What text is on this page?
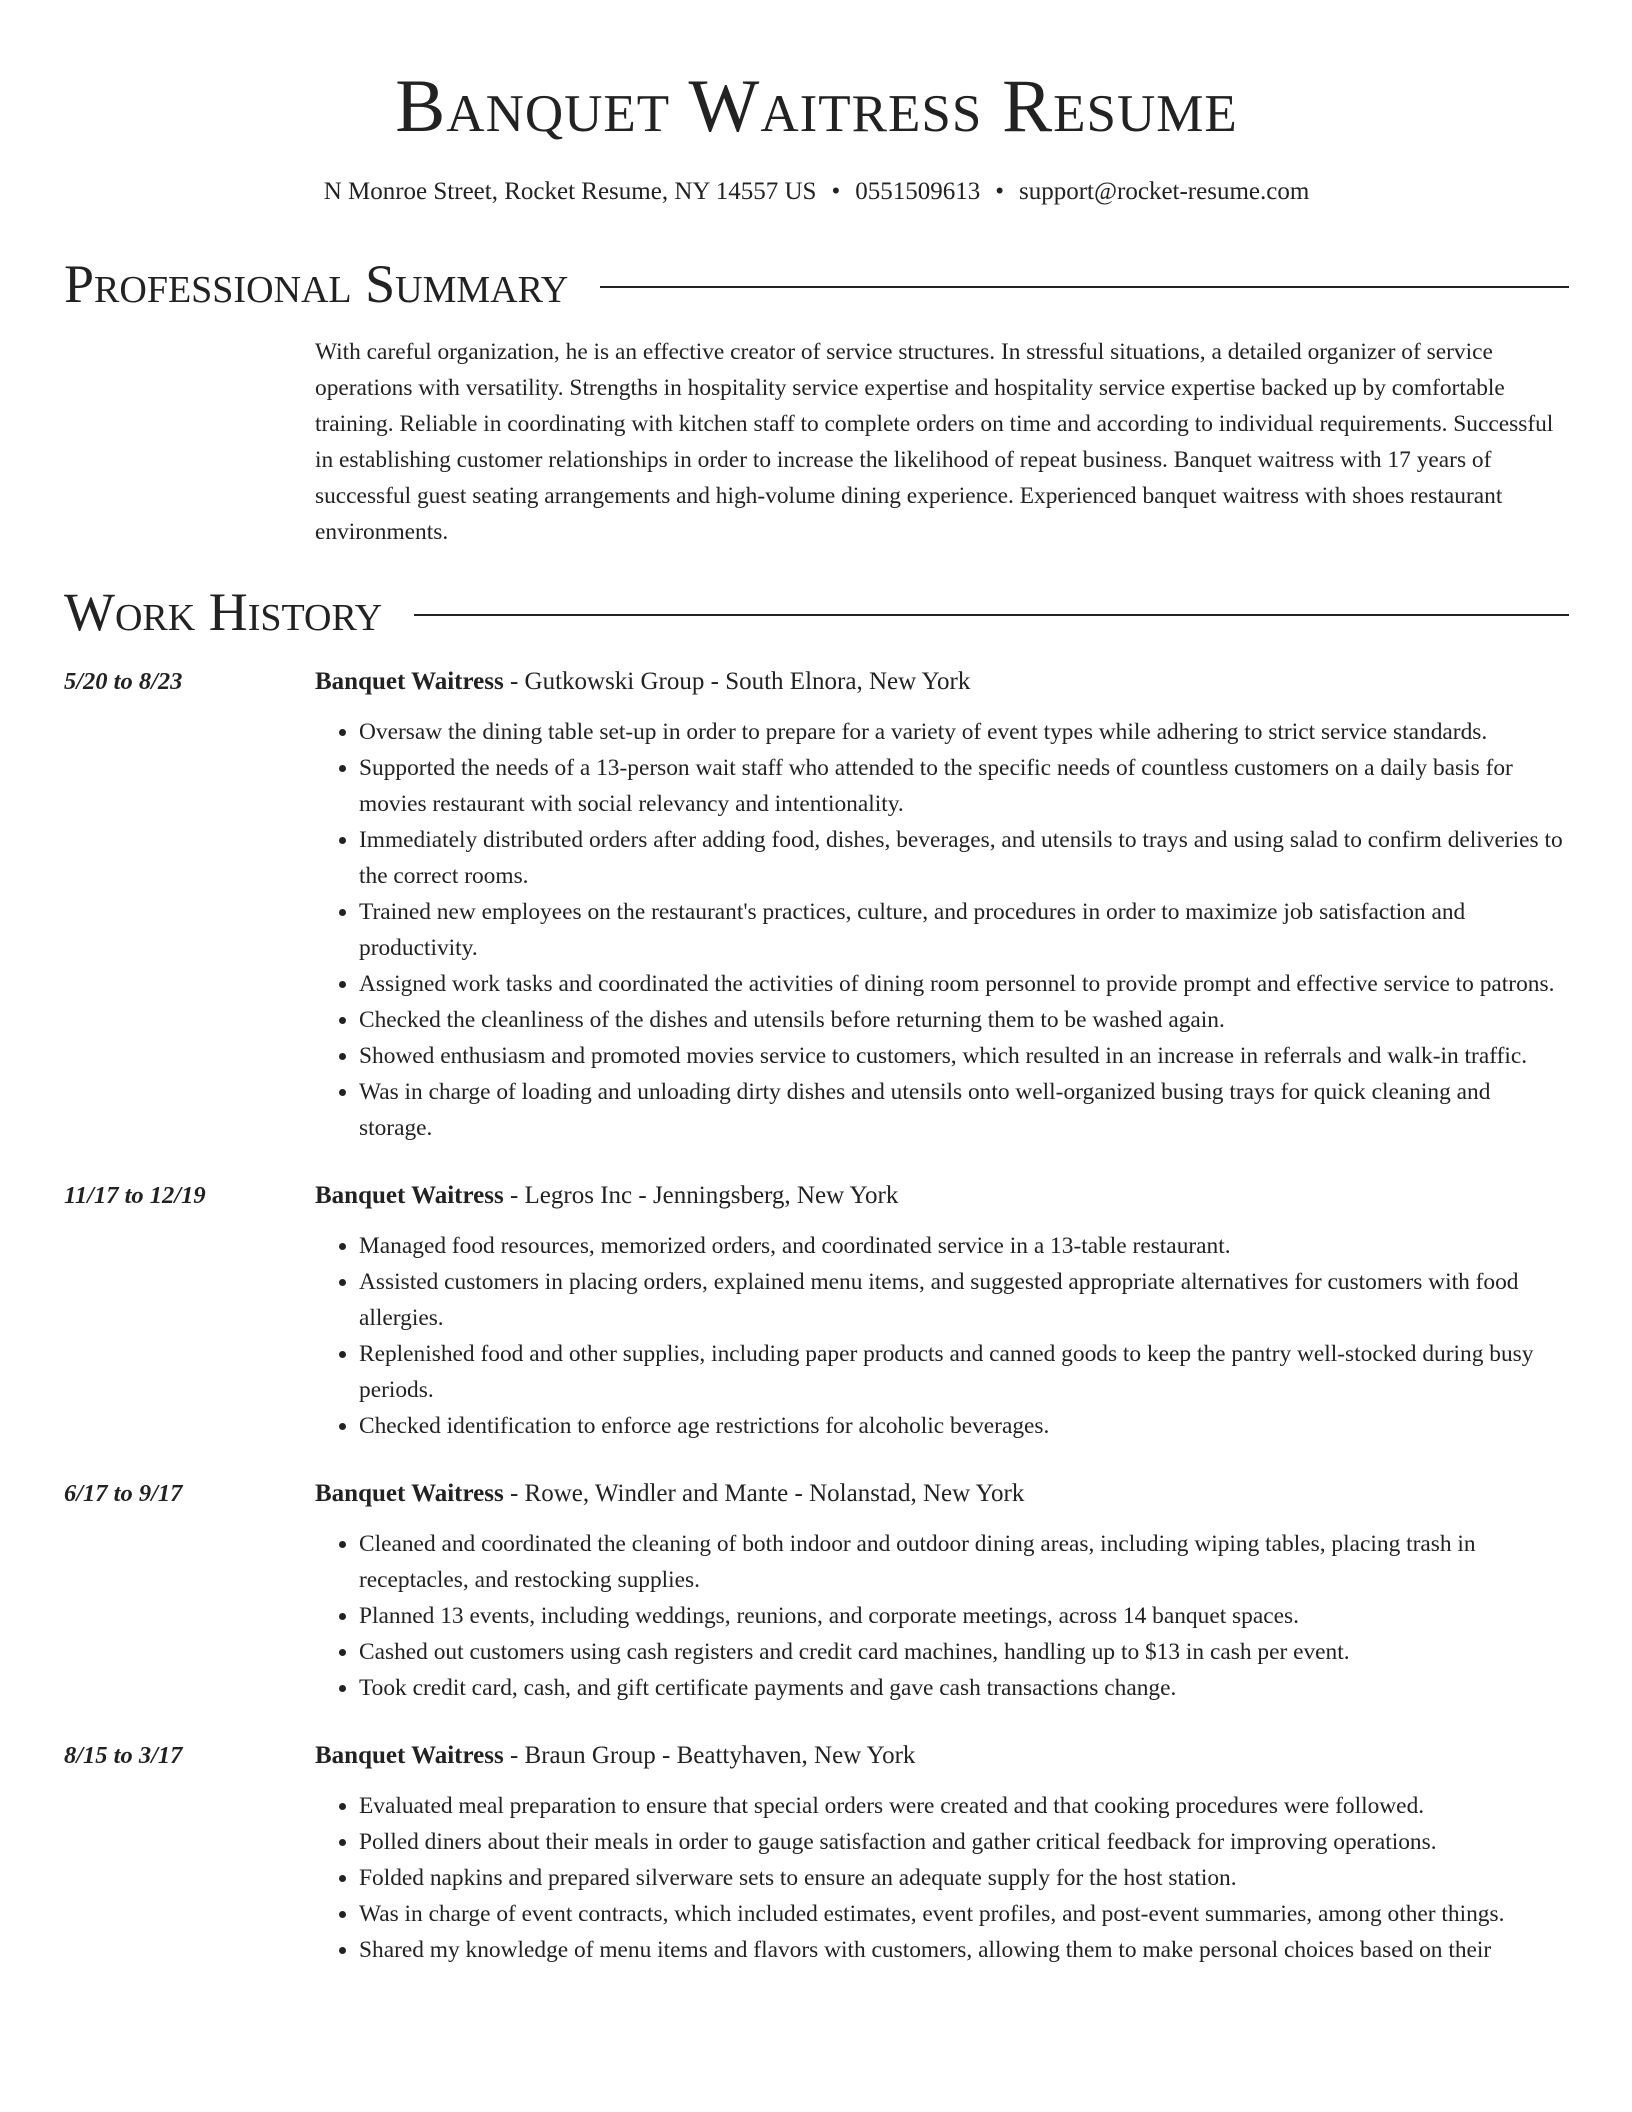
Banquet Waitress Resume
N Monroe Street, Rocket Resume, NY 14557 US • 0551509613 • support@rocket-resume.com
Professional Summary

With careful organization, he is an effective creator of service structures. In stressful situations, a detailed organizer of service operations with versatility. Strengths in hospitality service expertise and hospitality service expertise backed up by comfortable training. Reliable in coordinating with kitchen staff to complete orders on time and according to individual requirements. Successful in establishing customer relationships in order to increase the likelihood of repeat business. Banquet waitress with 17 years of successful guest seating arrangements and high-volume dining experience. Experienced banquet waitress with shoes restaurant environments.

Work History
5/20 to 8/23	Banquet Waitress - Gutkowski Group - South Elnora, New York
• Oversaw the dining table set-up in order to prepare for a variety of event types while adhering to strict service standards.
• Supported the needs of a 13-person wait staff who attended to the specific needs of countless customers on a daily basis for movies restaurant with social relevancy and intentionality.
• Immediately distributed orders after adding food, dishes, beverages, and utensils to trays and using salad to confirm deliveries to the correct rooms.
• Trained new employees on the restaurant's practices, culture, and procedures in order to maximize job satisfaction and productivity.
• Assigned work tasks and coordinated the activities of dining room personnel to provide prompt and effective service to patrons.
• Checked the cleanliness of the dishes and utensils before returning them to be washed again.
• Showed enthusiasm and promoted movies service to customers, which resulted in an increase in referrals and walk-in traffic.
• Was in charge of loading and unloading dirty dishes and utensils onto well-organized busing trays for quick cleaning and storage.
11/17 to 12/19	Banquet Waitress - Legros Inc - Jenningsberg, New York
• Managed food resources, memorized orders, and coordinated service in a 13-table restaurant.
• Assisted customers in placing orders, explained menu items, and suggested appropriate alternatives for customers with food allergies.
• Replenished food and other supplies, including paper products and canned goods to keep the pantry well-stocked during busy periods.
• Checked identification to enforce age restrictions for alcoholic beverages.
6/17 to 9/17	Banquet Waitress - Rowe, Windler and Mante - Nolanstad, New York
• Cleaned and coordinated the cleaning of both indoor and outdoor dining areas, including wiping tables, placing trash in receptacles, and restocking supplies.
• Planned 13 events, including weddings, reunions, and corporate meetings, across 14 banquet spaces.
• Cashed out customers using cash registers and credit card machines, handling up to $13 in cash per event.
• Took credit card, cash, and gift certificate payments and gave cash transactions change.
8/15 to 3/17	Banquet Waitress - Braun Group - Beattyhaven, New York
• Evaluated meal preparation to ensure that special orders were created and that cooking procedures were followed.
• Polled diners about their meals in order to gauge satisfaction and gather critical feedback for improving operations.
• Folded napkins and prepared silverware sets to ensure an adequate supply for the host station.
• Was in charge of event contracts, which included estimates, event profiles, and post-event summaries, among other things.
• Shared my knowledge of menu items and flavors with customers, allowing them to make personal choices based on their
